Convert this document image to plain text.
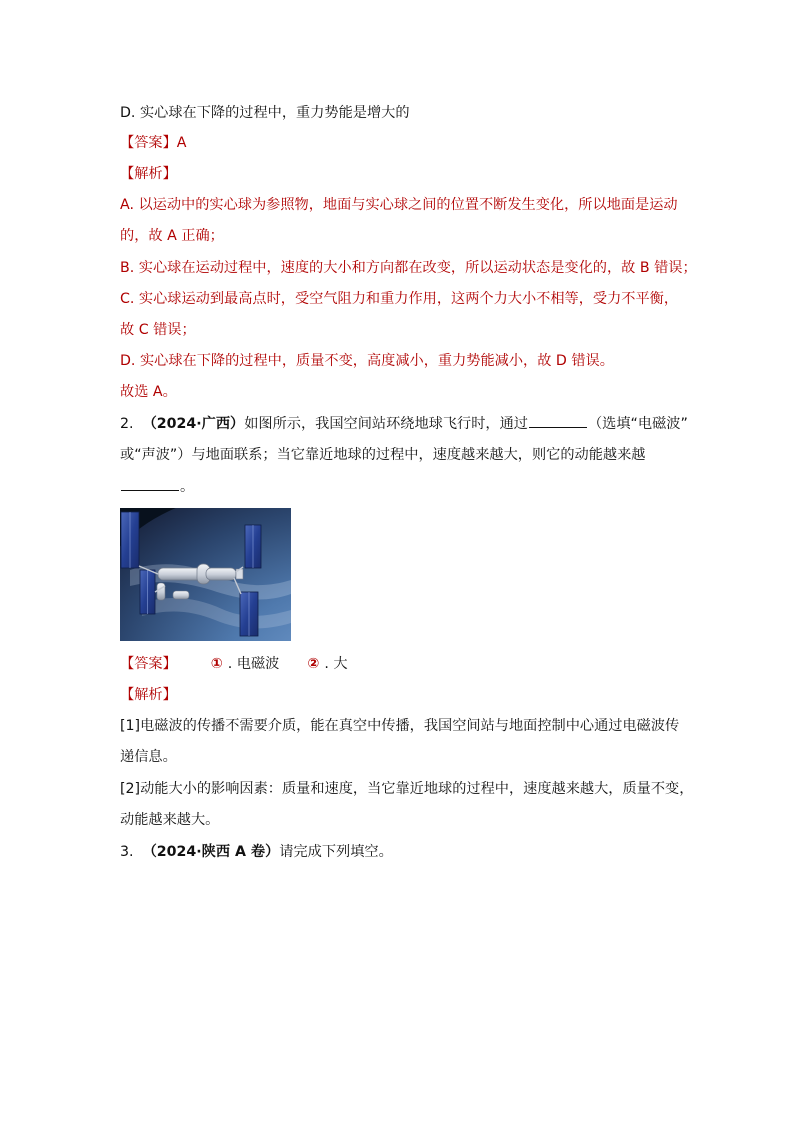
D. 实心球在下降的过程中，重力势能是增大的
【答案】A
【解析】
A. 以运动中的实心球为参照物，地面与实心球之间的位置不断发生变化，所以地面是运动
的，故 A 正确；
B. 实心球在运动过程中，速度的大小和方向都在改变，所以运动状态是变化的，故 B 错误；
C. 实心球运动到最高点时，受空气阻力和重力作用，这两个力大小不相等，受力不平衡，
故 C 错误；
D. 实心球在下降的过程中，质量不变，高度减小，重力势能减小，故 D 错误。
故选 A。
2. （2024·广西）如图所示，我国空间站环绕地球飞行时，通过	（选填“电磁波”
或“声波”）与地面联系；当它靠近地球的过程中，速度越来越大，则它的动能越来越
。
【答案】 ① . 电磁波 ② . 大
【解析】
[1]电磁波的传播不需要介质，能在真空中传播，我国空间站与地面控制中心通过电磁波传
递信息。
[2]动能大小的影响因素：质量和速度，当它靠近地球的过程中，速度越来越大，质量不变，
动能越来越大。
3. （2024·陕西 A 卷）请完成下列填空。
